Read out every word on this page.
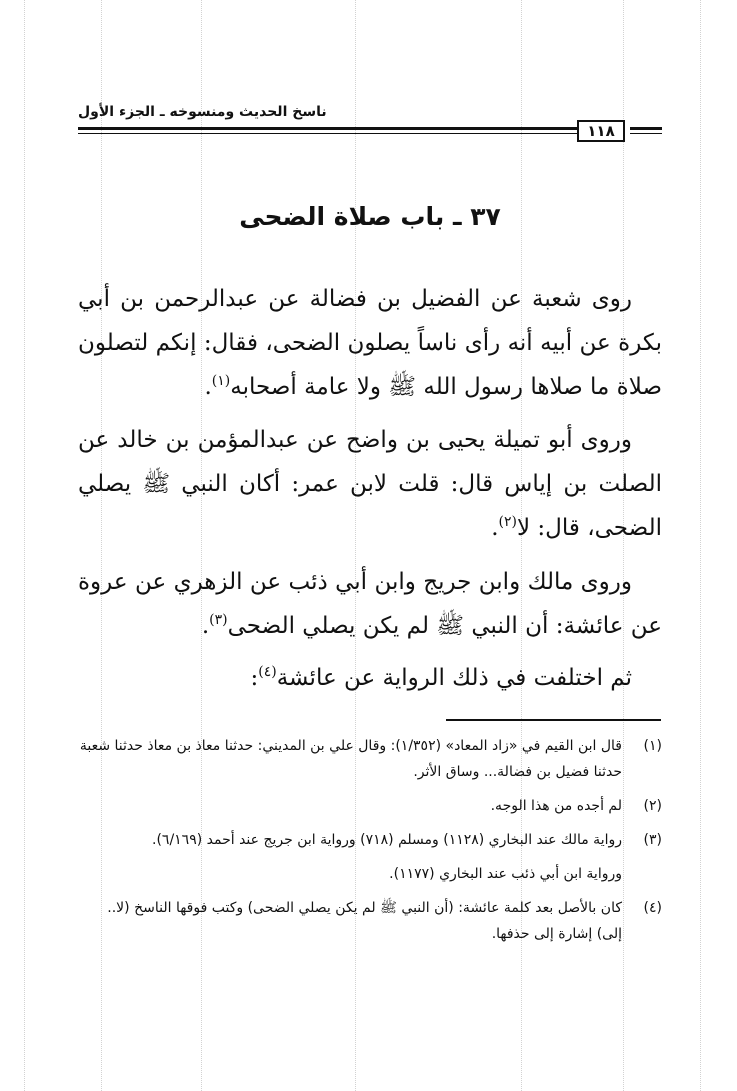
ناسخ الحديث ومنسوخه ـ الجزء الأول
١١٨
٣٧ ـ باب صلاة الضحى

روى شعبة عن الفضيل بن فضالة عن عبدالرحمن بن أبي بكرة عن أبيه أنه رأى ناساً يصلون الضحى، فقال: إنكم لتصلون صلاة ما صلاها رسول الله ﷺ ولا عامة أصحابه$^{(١)}$.

وروى أبو تميلة يحيى بن واضح عن عبدالمؤمن بن خالد عن الصلت بن إياس قال: قلت لابن عمر: أكان النبي ﷺ يصلي الضحى، قال: لا$^{(٢)}$.

وروى مالك وابن جريج وابن أبي ذئب عن الزهري عن عروة عن عائشة: أن النبي ﷺ لم يكن يصلي الضحى$^{(٣)}$.

ثم اختلفت في ذلك الرواية عن عائشة$^{(٤)}$:

(١)
قال ابن القيم في «زاد المعاد» (١/٣٥٢): وقال علي بن المديني: حدثنا معاذ بن معاذ حدثنا شعبة حدثنا فضيل بن فضالة... وساق الأثر.
(٢)
لم أجده من هذا الوجه.
(٣)
رواية مالك عند البخاري (١١٢٨) ومسلم (٧١٨) ورواية ابن جريج عند أحمد (٦/١٦٩).
ورواية ابن أبي ذئب عند البخاري (١١٧٧).
(٤)
كان بالأصل بعد كلمة عائشة: (أن النبي ﷺ لم يكن يصلي الضحى) وكتب فوقها الناسخ (لا.. إلى) إشارة إلى حذفها.
